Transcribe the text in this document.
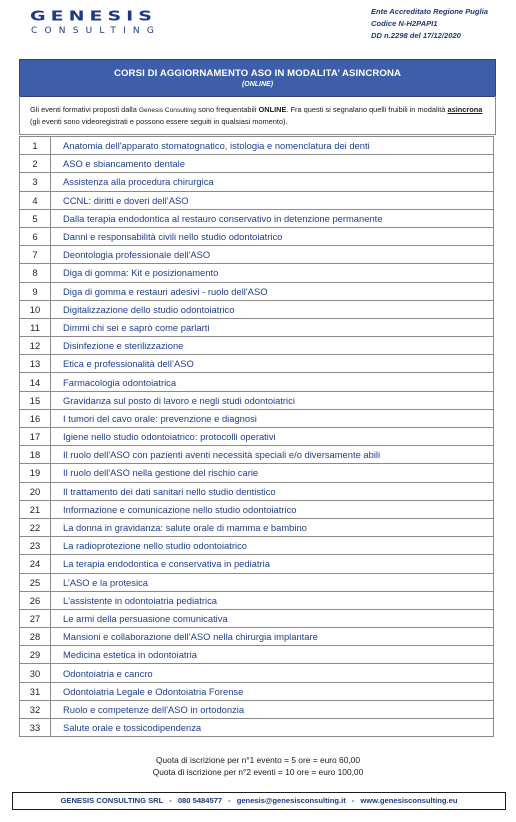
GENESIS
CONSULTING
Ente Accreditato Regione Puglia
Codice N-H2PAPI1
DD n.2298 del 17/12/2020
CORSI DI AGGIORNAMENTO ASO IN MODALITA’ ASINCRONA
(ONLINE)
Gli eventi formativi proposti dalla Genesis Consulting sono frequentabili ONLINE. Fra questi si segnalano quelli fruibili in modalità asincrona (gli eventi sono videoregistrati e possono essere seguiti in qualsiasi momento).
1	Anatomia dell'apparato stomatognatico, istologia e nomenclatura dei denti
2	ASO e sbiancamento dentale
3	Assistenza alla procedura chirurgica
4	CCNL: diritti e doveri dell’ASO
5	Dalla terapia endodontica al restauro conservativo in detenzione permanente
6	Danni e responsabilità civili nello studio odontoiatrico
7	Deontologia professionale dell'ASO
8	Diga di gomma: Kit e posizionamento
9	Diga di gomma e restauri adesivi - ruolo dell'ASO
10	Digitalizzazione dello studio odontoiatrico
11	Dimmi chi sei e saprò come parlarti
12	Disinfezione e sterilizzazione
13	Etica e professionalità dell’ASO
14	Farmacologia odontoiatrica
15	Gravidanza sul posto di lavoro e negli studi odontoiatrici
16	I tumori del cavo orale: prevenzione e diagnosi
17	Igiene nello studio odontoiatrico: protocolli operativi
18	Il ruolo dell'ASO con pazienti aventi necessità speciali e/o diversamente abili
19	Il ruolo dell'ASO nella gestione del rischio carie
20	Il trattamento dei dati sanitari nello studio dentistico
21	Informazione e comunicazione nello studio odontoiatrico
22	La donna in gravidanza: salute orale di mamma e bambino
23	La radioprotezione nello studio odontoiatrico
24	La terapia endodontica e conservativa in pediatria
25	L’ASO e la protesica
26	L'assistente in odontoiatria pediatrica
27	Le armi della persuasione comunicativa
28	Mansioni e collaborazione dell’ASO nella chirurgia implantare
29	Medicina estetica in odontoiatria
30	Odontoiatria e cancro
31	Odontoiatria Legale e Odontoiatria Forense
32	Ruolo e competenze dell'ASO in ortodonzia
33	Salute orale e tossicodipendenza
Quota di iscrizione per n°1 evento = 5 ore = euro 60,00
Quota di iscrizione per n°2 eventi = 10 ore = euro 100,00
GENESIS CONSULTING SRL - 080 5484577 - genesis@genesisconsulting.it - www.genesisconsulting.eu
